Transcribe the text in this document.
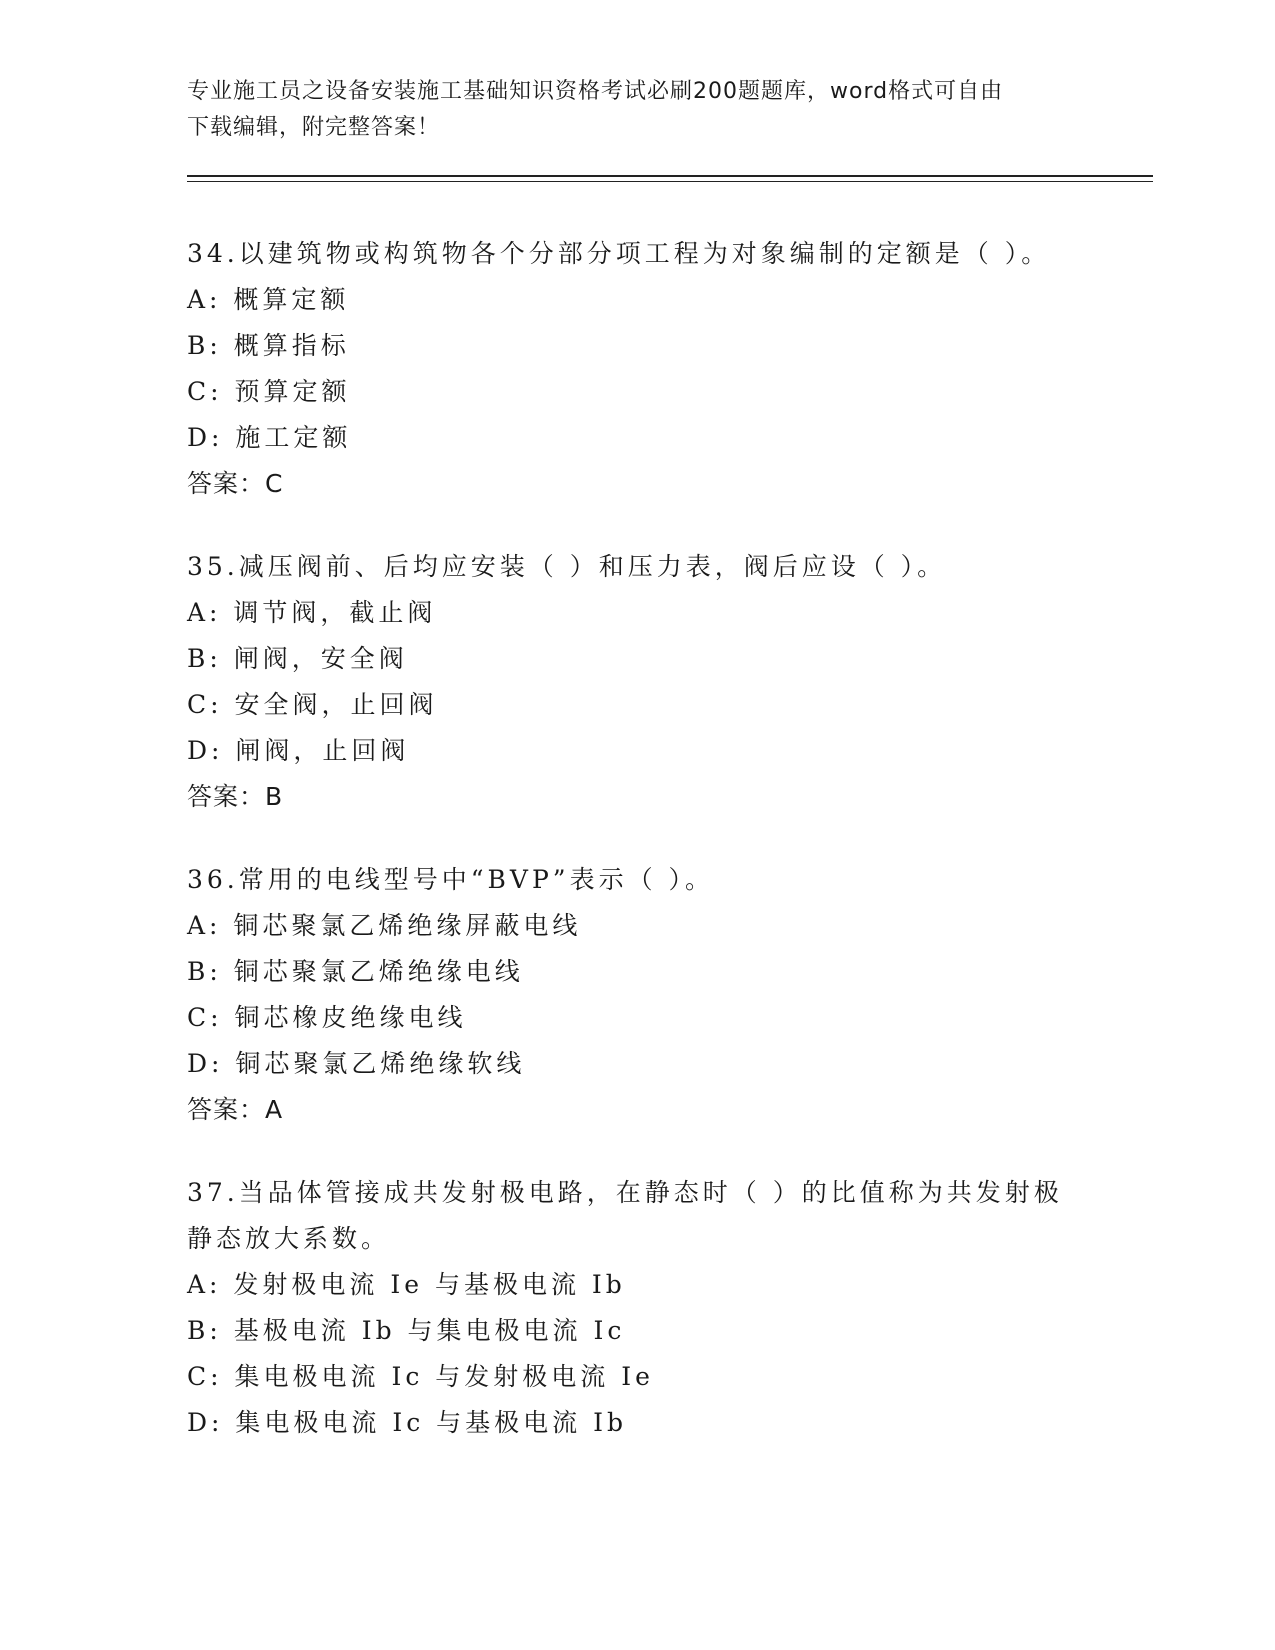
专业施工员之设备安装施工基础知识资格考试必刷200题题库，word格式可自由
下载编辑，附完整答案！

34.以建筑物或构筑物各个分部分项工程为对象编制的定额是（ ）。

A: 概算定额

B: 概算指标

C: 预算定额

D: 施工定额

答案：C

35.减压阀前、后均应安装（ ）和压力表，阀后应设（ ）。

A: 调节阀，截止阀

B: 闸阀，安全阀

C: 安全阀，止回阀

D: 闸阀，止回阀

答案：B

36.常用的电线型号中“BVP”表示（ ）。

A: 铜芯聚氯乙烯绝缘屏蔽电线

B: 铜芯聚氯乙烯绝缘电线

C: 铜芯橡皮绝缘电线

D: 铜芯聚氯乙烯绝缘软线

答案：A

37.当品体管接成共发射极电路，在静态时（ ）的比值称为共发射极

静态放大系数。

A: 发射极电流 Ie 与基极电流 Ib

B: 基极电流 Ib 与集电极电流 Ic

C: 集电极电流 Ic 与发射极电流 Ie

D: 集电极电流 Ic 与基极电流 Ib
